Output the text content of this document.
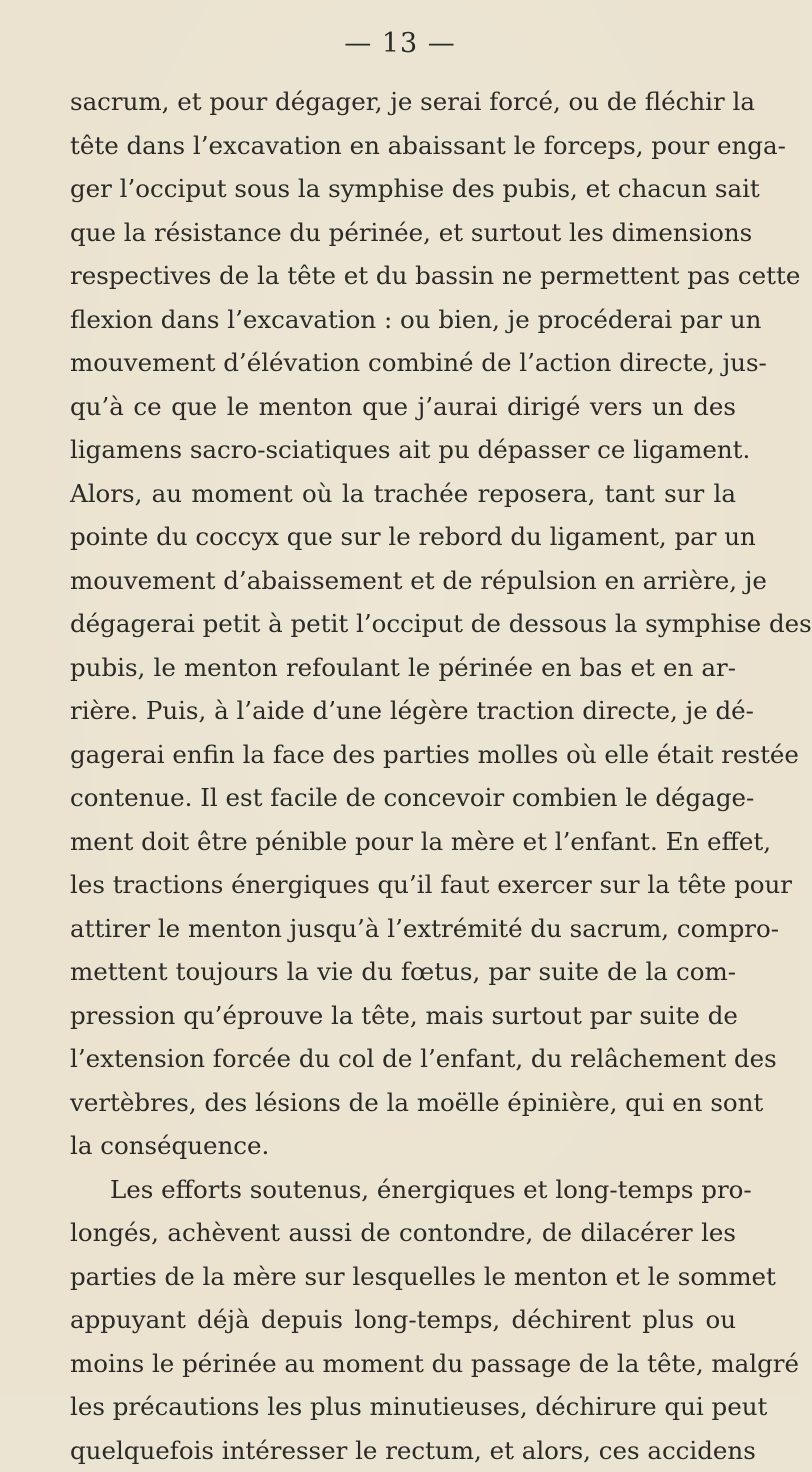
— 13 —
sacrum, et pour dégager, je serai forcé, ou de fléchir la
tête dans l’excavation en abaissant le forceps, pour enga-
ger l’occiput sous la symphise des pubis, et chacun sait
que la résistance du périnée, et surtout les dimensions
respectives de la tête et du bassin ne permettent pas cette
flexion dans l’excavation : ou bien, je procéderai par un
mouvement d’élévation combiné de l’action directe, jus-
qu’à ce que le menton que j’aurai dirigé vers un des
ligamens sacro-sciatiques ait pu dépasser ce ligament.
Alors, au moment où la trachée reposera, tant sur la
pointe du coccyx que sur le rebord du ligament, par un
mouvement d’abaissement et de répulsion en arrière, je
dégagerai petit à petit l’occiput de dessous la symphise des
pubis, le menton refoulant le périnée en bas et en ar-
rière. Puis, à l’aide d’une légère traction directe, je dé-
gagerai enfin la face des parties molles où elle était restée
contenue. Il est facile de concevoir combien le dégage-
ment doit être pénible pour la mère et l’enfant. En effet,
les tractions énergiques qu’il faut exercer sur la tête pour
attirer le menton jusqu’à l’extrémité du sacrum, compro-
mettent toujours la vie du fœtus, par suite de la com-
pression qu’éprouve la tête, mais surtout par suite de
l’extension forcée du col de l’enfant, du relâchement des
vertèbres, des lésions de la moëlle épinière, qui en sont
la conséquence.
Les efforts soutenus, énergiques et long-temps pro-
longés, achèvent aussi de contondre, de dilacérer les
parties de la mère sur lesquelles le menton et le sommet
appuyant déjà depuis long-temps, déchirent plus ou
moins le périnée au moment du passage de la tête, malgré
les précautions les plus minutieuses, déchirure qui peut
quelquefois intéresser le rectum, et alors, ces accidens
